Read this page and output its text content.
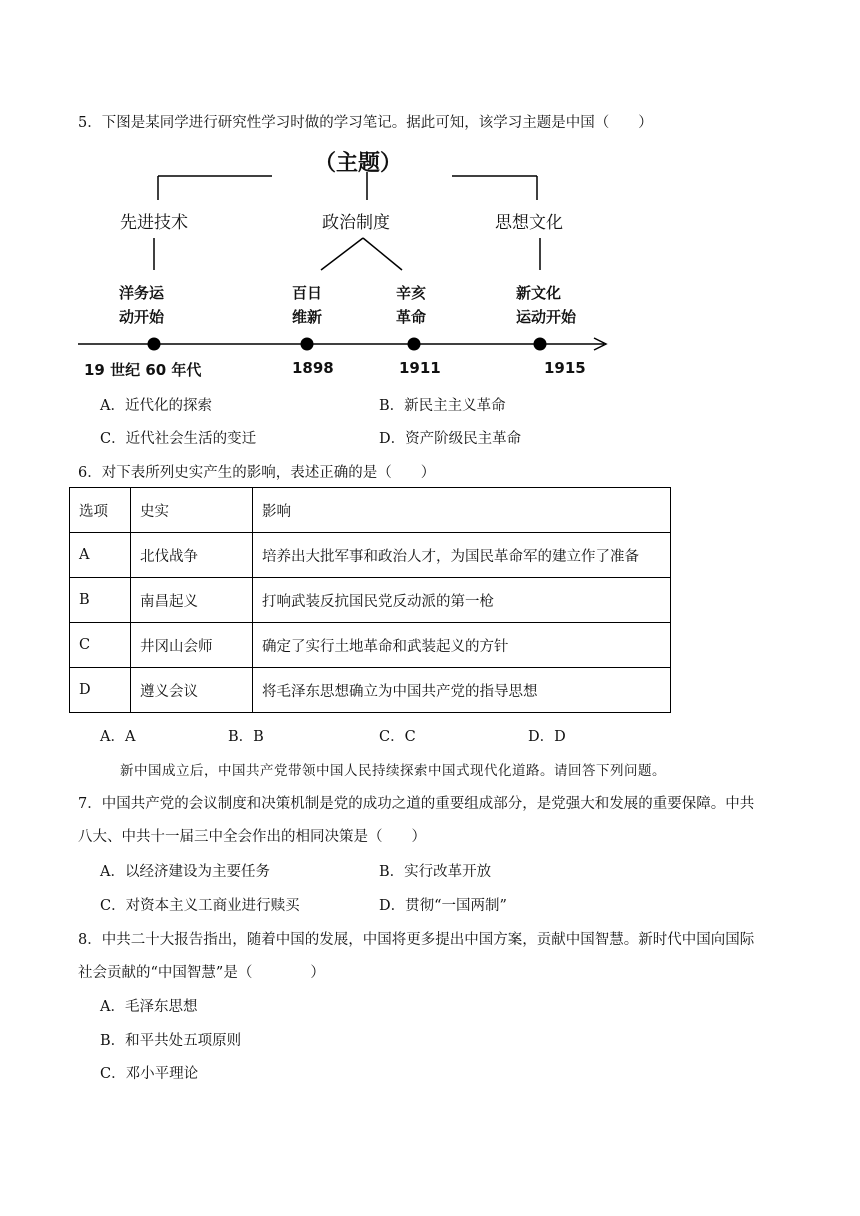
5．下图是某同学进行研究性学习时做的学习笔记。据此可知，该学习主题是中国（　　）
（主题）
先进技术	政治制度	思想文化
洋务运
动开始
百日
维新
辛亥
革命
新文化
运动开始
19 世纪 60 年代	1898	1911	1915
A．近代化的探索	B．新民主主义革命
C．近代社会生活的变迁	D．资产阶级民主革命
6．对下表所列史实产生的影响，表述正确的是（　　）
选项	史实	影响
A	北伐战争	培养出大批军事和政治人才，为国民革命军的建立作了准备
B	南昌起义	打响武装反抗国民党反动派的第一枪
C	井冈山会师	确定了实行土地革命和武装起义的方针
D	遵义会议	将毛泽东思想确立为中国共产党的指导思想
A．A	B．B	C．C	D．D
新中国成立后，中国共产党带领中国人民持续探索中国式现代化道路。请回答下列问题。
7．中国共产党的会议制度和决策机制是党的成功之道的重要组成部分，是党强大和发展的重要保障。中共
八大、中共十一届三中全会作出的相同决策是（　　）
A．以经济建设为主要任务	B．实行改革开放
C．对资本主义工商业进行赎买	D．贯彻“一国两制”
8．中共二十大报告指出，随着中国的发展，中国将更多提出中国方案，贡献中国智慧。新时代中国向国际
社会贡献的“中国智慧”是（　　　　）
A．毛泽东思想
B．和平共处五项原则
C．邓小平理论
